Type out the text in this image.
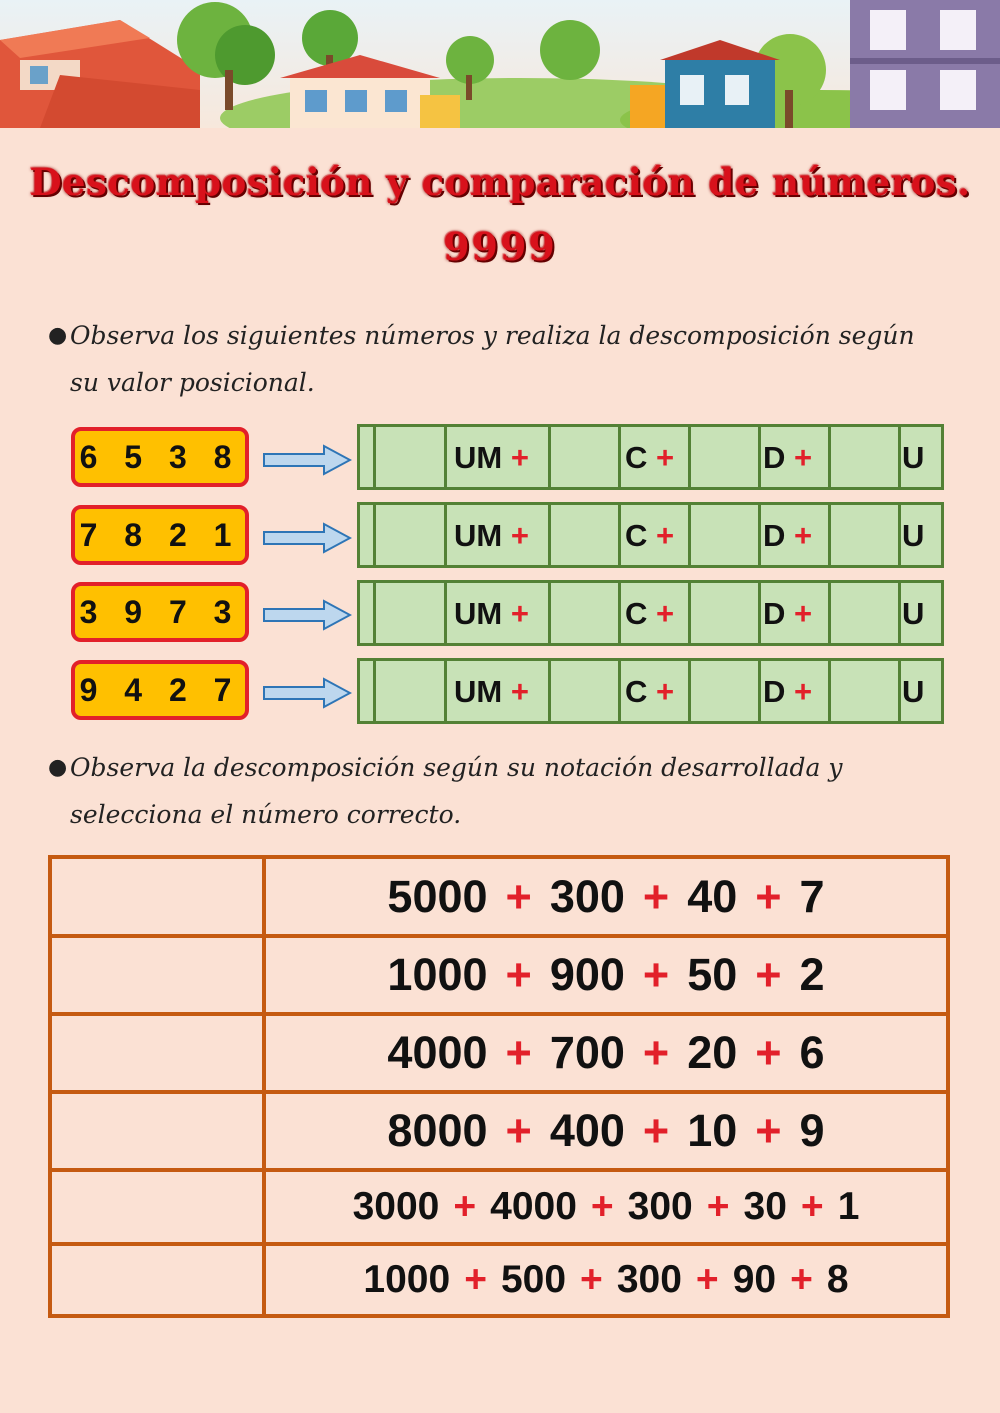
Descomposición y comparación de números.
9999
● Observa los siguientes números y realiza la descomposición según su valor posicional.
6 5 3 8
7 8 2 1
3 9 7 3
9 4 2 7
UM +	C +	D +	U
UM +	C +	D +	U
UM +	C +	D +	U
UM +	C +	D +	U
● Observa la descomposición según su notación desarrollada y selecciona el número correcto.
5000 + 300 + 40 + 7
1000 + 900 + 50 + 2
4000 + 700 + 20 + 6
8000 + 400 + 10 + 9
3000 + 4000 + 300 + 30 + 1
1000 + 500 + 300 + 90 + 8
